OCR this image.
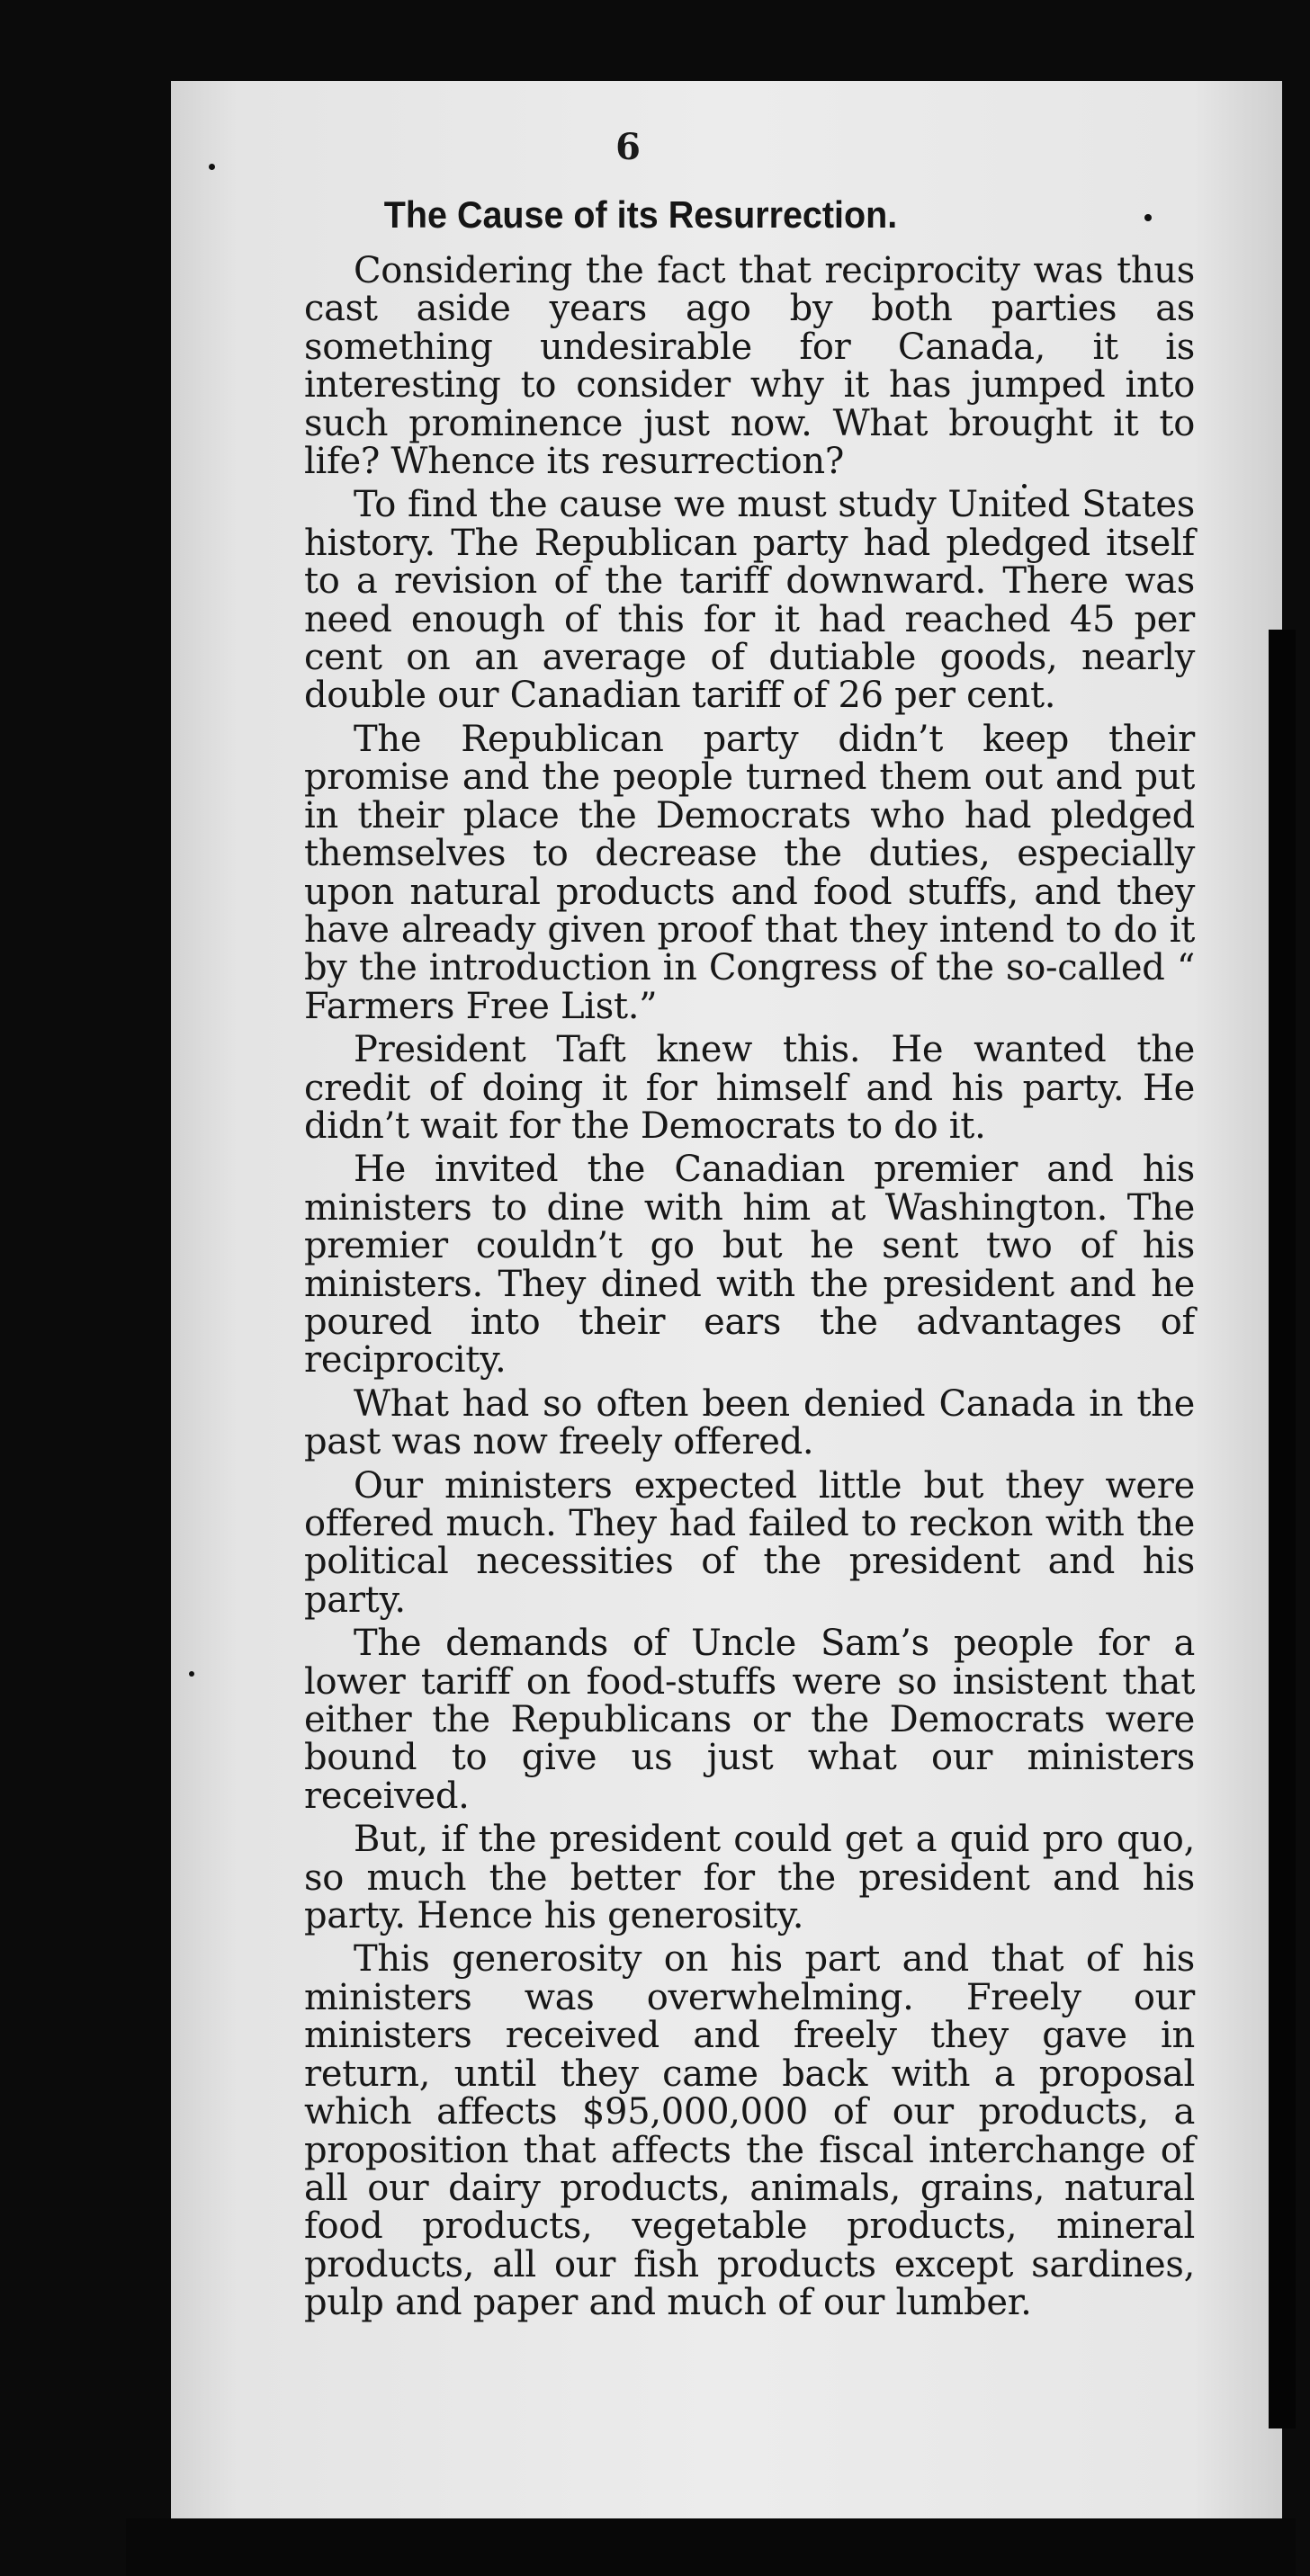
6
The Cause of its Resurrection.

Considering the fact that reciprocity was thus cast aside years ago by both parties as something undesirable for Canada, it is interesting to consider why it has jumped into such prominence just now. What brought it to life? Whence its resurrection?

To find the cause we must study United States history. The Republican party had pledged itself to a revision of the tariff downward. There was need enough of this for it had reached 45 per cent on an average of dutiable goods, nearly double our Canadian tariff of 26 per cent.

The Republican party didn’t keep their promise and the people turned them out and put in their place the Democrats who had pledged themselves to decrease the duties, especially upon natural products and food stuffs, and they have already given proof that they intend to do it by the introduction in Congress of the so-called “ Farmers Free List.”

President Taft knew this. He wanted the credit of doing it for himself and his party. He didn’t wait for the Democrats to do it.

He invited the Canadian premier and his ministers to dine with him at Washington. The premier couldn’t go but he sent two of his ministers. They dined with the president and he poured into their ears the advantages of reciprocity.

What had so often been denied Canada in the past was now freely offered.

Our ministers expected little but they were offered much. They had failed to reckon with the political necessities of the president and his party.

The demands of Uncle Sam’s people for a lower tariff on food-stuffs were so insistent that either the Republicans or the Democrats were bound to give us just what our ministers received.

But, if the president could get a quid pro quo, so much the better for the president and his party. Hence his generosity.

This generosity on his part and that of his ministers was overwhelming. Freely our ministers received and freely they gave in return, until they came back with a proposal which affects $95,000,000 of our products, a proposition that affects the fiscal interchange of all our dairy products, animals, grains, natural food products, vegetable products, mineral products, all our fish products except sardines, pulp and paper and much of our lumber.
